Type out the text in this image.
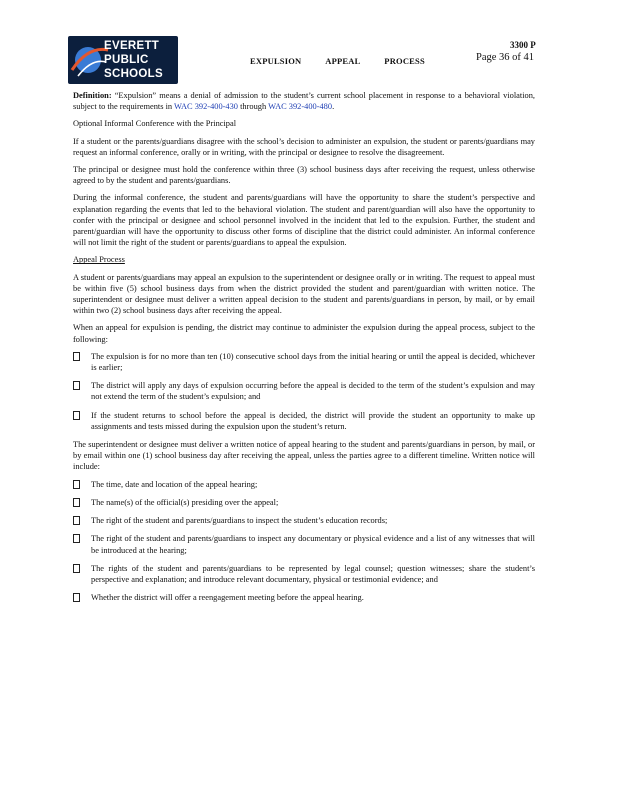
EVERETT
PUBLIC
SCHOOLS
3300 P
Page 36 of 41
EXPULSION APPEAL PROCESS

Definition: “Expulsion” means a denial of admission to the student’s current school placement in response to a behavioral violation, subject to the requirements in WAC 392-400-430 through WAC 392-400-480.

Optional Informal Conference with the Principal

If a student or the parents/guardians disagree with the school’s decision to administer an expulsion, the student or parents/guardians may request an informal conference, orally or in writing, with the principal or designee to resolve the disagreement.

The principal or designee must hold the conference within three (3) school business days after receiving the request, unless otherwise agreed to by the student and parents/guardians.

During the informal conference, the student and parents/guardians will have the opportunity to share the student’s perspective and explanation regarding the events that led to the behavioral violation. The student and parent/guardian will also have the opportunity to confer with the principal or designee and school personnel involved in the incident that led to the expulsion. Further, the student and parent/guardian will have the opportunity to discuss other forms of discipline that the district could administer. An informal conference will not limit the right of the student or parents/guardians to appeal the expulsion.

Appeal Process

A student or parents/guardians may appeal an expulsion to the superintendent or designee orally or in writing. The request to appeal must be within five (5) school business days from when the district provided the student and parent/guardian with written notice. The superintendent or designee must deliver a written appeal decision to the student and parents/guardians in person, by mail, or by email within two (2) school business days after receiving the appeal.

When an appeal for expulsion is pending, the district may continue to administer the expulsion during the appeal process, subject to the following:

The expulsion is for no more than ten (10) consecutive school days from the initial hearing or until the appeal is decided, whichever is earlier;
The district will apply any days of expulsion occurring before the appeal is decided to the term of the student’s expulsion and may not extend the term of the student’s expulsion; and
If the student returns to school before the appeal is decided, the district will provide the student an opportunity to make up assignments and tests missed during the expulsion upon the student’s return.

The superintendent or designee must deliver a written notice of appeal hearing to the student and parents/guardians in person, by mail, or by email within one (1) school business day after receiving the appeal, unless the parties agree to a different timeline. Written notice will include:

The time, date and location of the appeal hearing;
The name(s) of the official(s) presiding over the appeal;
The right of the student and parents/guardians to inspect the student’s education records;
The right of the student and parents/guardians to inspect any documentary or physical evidence and a list of any witnesses that will be introduced at the hearing;
The rights of the student and parents/guardians to be represented by legal counsel; question witnesses; share the student’s perspective and explanation; and introduce relevant documentary, physical or testimonial evidence; and
Whether the district will offer a reengagement meeting before the appeal hearing.
